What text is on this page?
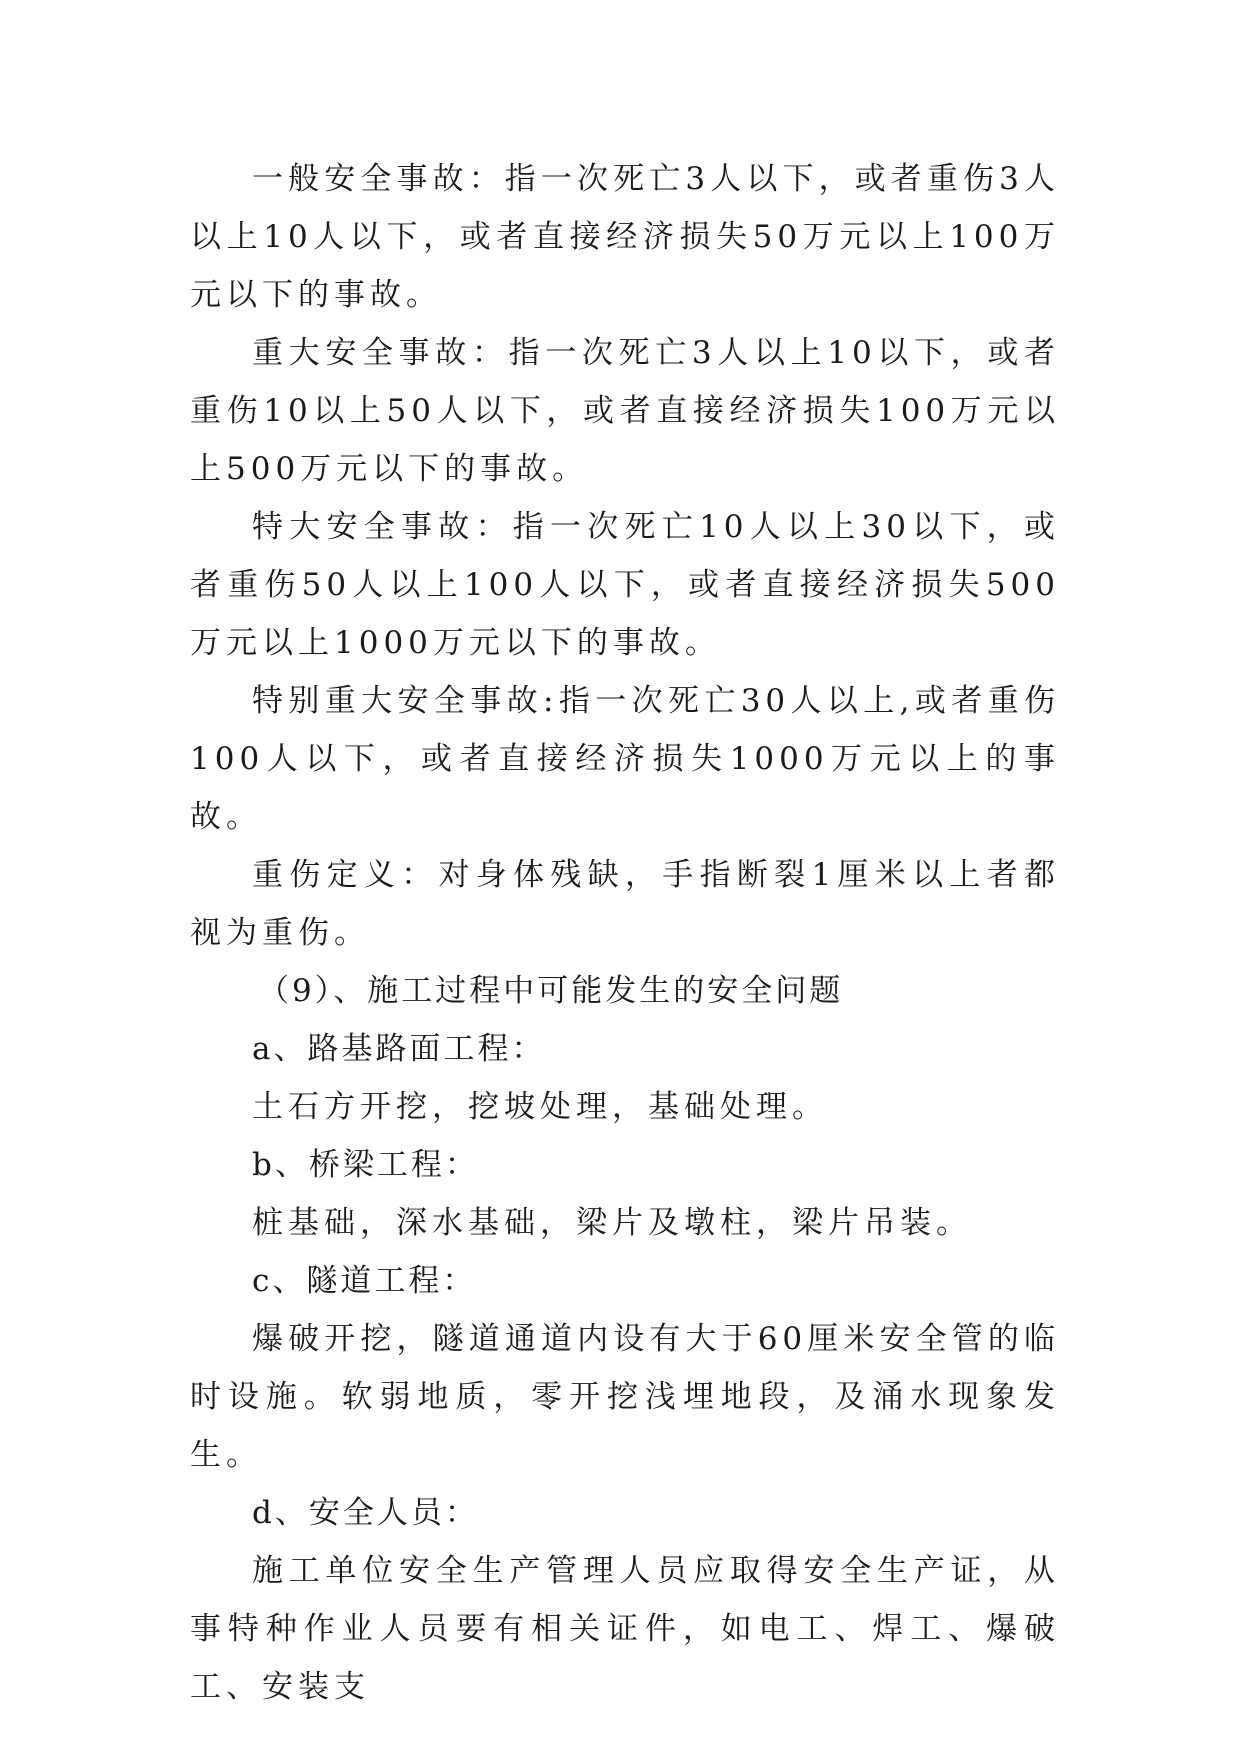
一般安全事故：指一次死亡3人以下，或者重伤3人以上10人以下，或者直接经济损失50万元以上100万元以下的事故。

重大安全事故：指一次死亡3人以上10以下，或者重伤10以上50人以下，或者直接经济损失100万元以上500万元以下的事故。

特大安全事故：指一次死亡10人以上30以下，或者重伤50人以上100人以下，或者直接经济损失500万元以上1000万元以下的事故。

特别重大安全事故:指一次死亡30人以上,或者重伤100人以下，或者直接经济损失1000万元以上的事故。

重伤定义：对身体残缺，手指断裂1厘米以上者都视为重伤。

（9）、施工过程中可能发生的安全问题

a、路基路面工程：

土石方开挖，挖坡处理，基础处理。

b、桥梁工程：

桩基础，深水基础，梁片及墩柱，梁片吊装。

c、隧道工程：

爆破开挖，隧道通道内设有大于60厘米安全管的临时设施。软弱地质，零开挖浅埋地段，及涌水现象发生。

d、安全人员：

施工单位安全生产管理人员应取得安全生产证，从事特种作业人员要有相关证件，如电工、焊工、爆破工、安装支
